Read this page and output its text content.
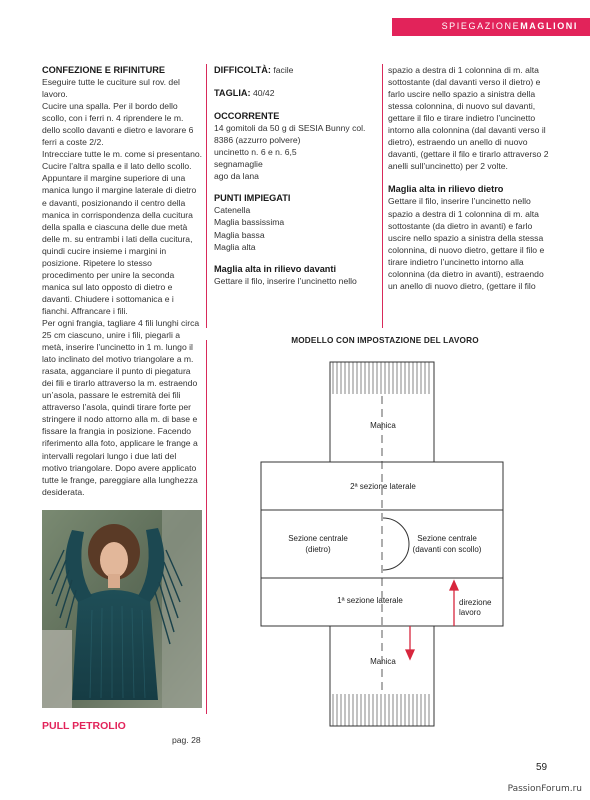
SPIEGAZIONEMAGLIONI

CONFEZIONE E RIFINITURE

Eseguire tutte le cuciture sul rov. del lavoro.

Cucire una spalla. Per il bordo dello scollo, con i ferri n. 4 riprendere le m. dello scollo davanti e dietro e lavorare 6 ferri a coste 2/2.

Intrecciare tutte le m. come si presentano.

Cucire l’altra spalla e il lato dello scollo.

Appuntare il margine superiore di una manica lungo il margine laterale di dietro e davanti, posizionando il centro della manica in corrispondenza della cucitura della spalla e ciascuna delle due metà delle m. su entrambi i lati della cucitura, quindi cucire insieme i margini in posizione. Ripetere lo stesso procedimento per unire la seconda manica sul lato opposto di dietro e davanti. Chiudere i sottomanica e i fianchi. Affrancare i fili.

Per ogni frangia, tagliare 4 fili lunghi circa 25 cm ciascuno, unire i fili, piegarli a metà, inserire l’uncinetto in 1 m. lungo il lato inclinato del motivo triangolare a m. rasata, agganciare il punto di piegatura dei fili e tirarlo attraverso la m. estraendo un’asola, passare le estremità dei fili attraverso l’asola, quindi tirare forte per stringere il nodo attorno alla m. di base e fissare la frangia in posizione. Facendo riferimento alla foto, applicare le frange a intervalli regolari lungo i due lati del motivo triangolare. Dopo avere applicato tutte le frange, pareggiare alla lunghezza desiderata.

DIFFICOLTÀ: facile

TAGLIA: 40/42

OCCORRENTE

14 gomitoli da 50 g di SESIA Bunny col. 8386 (azzurro polvere)

uncinetto n. 6 e n. 6,5

segnamaglie

ago da lana

PUNTI IMPIEGATI

Catenella

Maglia bassissima

Maglia bassa

Maglia alta

Maglia alta in rilievo davanti

Gettare il filo, inserire l’uncinetto nello

spazio a destra di 1 colonnina di m. alta sottostante (dal davanti verso il dietro) e farlo uscire nello spazio a sinistra della stessa colonnina, di nuovo sul davanti, gettare il filo e tirare indietro l’uncinetto intorno alla colonnina (dal davanti verso il dietro), estraendo un anello di nuovo davanti, (gettare il filo e tirarlo attraverso 2 anelli sull’uncinetto) per 2 volte.

Maglia alta in rilievo dietro

Gettare il filo, inserire l’uncinetto nello spazio a destra di 1 colonnina di m. alta sottostante (da dietro in avanti) e farlo uscire nello spazio a sinistra della stessa colonnina, di nuovo dietro, gettare il filo e tirare indietro l’uncinetto intorno alla colonnina (da dietro in avanti), estraendo un anello di nuovo dietro, (gettare il filo

MODELLO CON IMPOSTAZIONE DEL LAVORO
Manica
2ª sezione laterale
Sezione centrale
(dietro)
Sezione centrale
(davanti con scollo)
1ª sezione laterale	direzione
lavoro
Manica
PULL PETROLIO
pag. 28
59
PassionForum.ru
